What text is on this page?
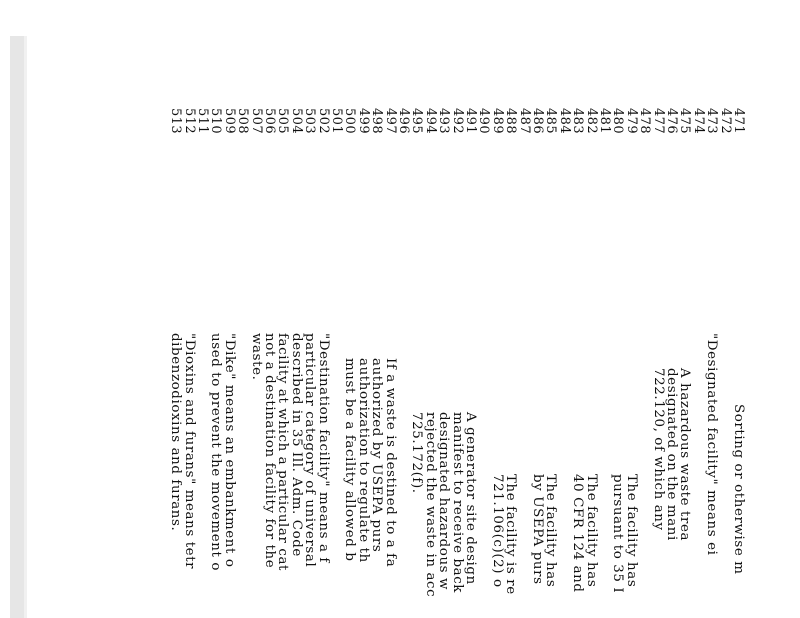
471
472
473
474
475
476
477
478
479
480
481
482
483
484
485
486
487
488
489
490
491
492
493
494
495
496
497
498
499
500
501
502
503
504
505
506
507
508
509
510
511
512
513
Sorting or otherwise m
"Designated facility" means ei
A hazardous waste trea
designated on the mani
722.120, of which any
The facility has
pursuant to 35 I
The facility has
40 CFR 124 and
The facility has
by USEPA purs
The facility is re
721.106(c)(2) o
A generator site design
manifest to receive back
designated hazardous w
rejected the waste in acc
725.172(f).
If a waste is destined to a fa
authorized by USEPA purs
authorization to regulate th
must be a facility allowed b
"Destination facility" means a f
particular category of universal
described in 35 Ill. Adm. Code
facility at which a particular cat
not a destination facility for the
waste.
"Dike" means an embankment o
used to prevent the movement o
"Dioxins and furans" means tetr
dibenzodioxins and furans.
